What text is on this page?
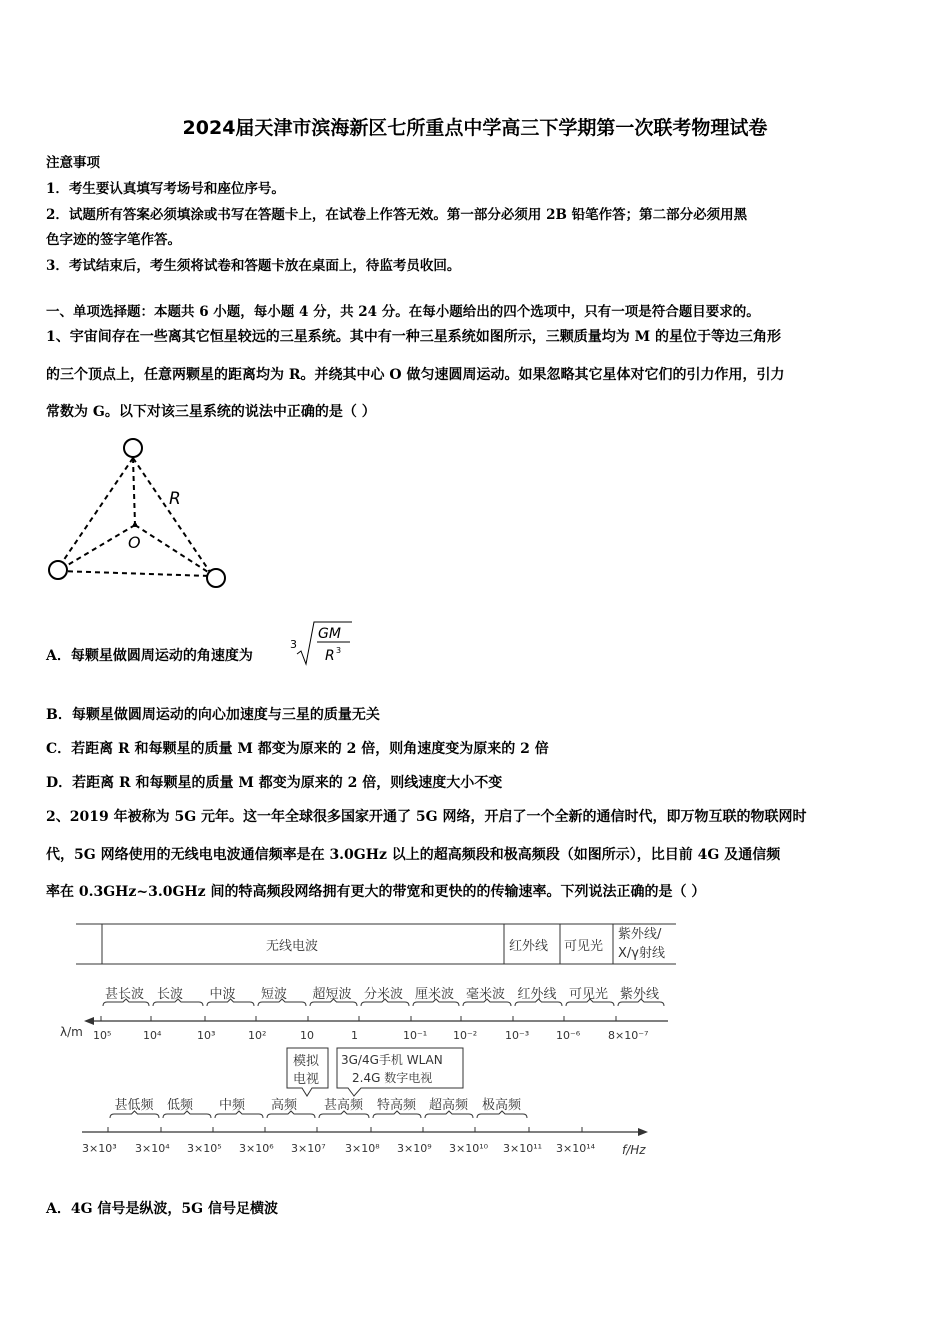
2024届天津市滨海新区七所重点中学高三下学期第一次联考物理试卷
注意事项
1．考生要认真填写考场号和座位序号。
2．试题所有答案必须填涂或书写在答题卡上，在试卷上作答无效。第一部分必须用 2B 铅笔作答；第二部分必须用黑
色字迹的签字笔作答。
3．考试结束后，考生须将试卷和答题卡放在桌面上，待监考员收回。
一、单项选择题：本题共 6 小题，每小题 4 分，共 24 分。在每小题给出的四个选项中，只有一项是符合题目要求的。
1、宇宙间存在一些离其它恒星较远的三星系统。其中有一种三星系统如图所示，三颗质量均为 M 的星位于等边三角形
的三个顶点上，任意两颗星的距离均为 R。并绕其中心 O 做匀速圆周运动。如果忽略其它星体对它们的引力作用，引力
常数为 G。以下对该三星系统的说法中正确的是（ ）
R
O
A．每颗星做圆周运动的角速度为
3
GM
R 3
B．每颗星做圆周运动的向心加速度与三星的质量无关
C．若距离 R 和每颗星的质量 M 都变为原来的 2 倍，则角速度变为原来的 2 倍
D．若距离 R 和每颗星的质量 M 都变为原来的 2 倍，则线速度大小不变
2、2019 年被称为 5G 元年。这一年全球很多国家开通了 5G 网络，开启了一个全新的通信时代，即万物互联的物联网时
代，5G 网络使用的无线电电波通信频率是在 3.0GHz 以上的超高频段和极高频段（如图所示），比目前 4G 及通信频
率在 0.3GHz~3.0GHz 间的特高频段网络拥有更大的带宽和更快的的传输速率。下列说法正确的是（ ）
无线电波	红外线 可见光
紫外线/
X/γ射线
甚长波 长波 中波 短波 超短波 分米波 厘米波 毫米波 红外线 可见光 紫外线
λ/m 10⁵	10⁴	10³	10²	10	1	10⁻¹ 10⁻²	10⁻³ 10⁻⁶	8×10⁻⁷
模拟
电视
3G/4G手机 WLAN
2.4G 数字电视
甚低频 低频 中频 高频 甚高频 特高频 超高频 极高频
3×10³ 3×10⁴ 3×10⁵ 3×10⁶ 3×10⁷ 3×10⁸ 3×10⁹ 3×10¹⁰ 3×10¹¹ 3×10¹⁴ f/Hz
A．4G 信号是纵波，5G 信号足横波
